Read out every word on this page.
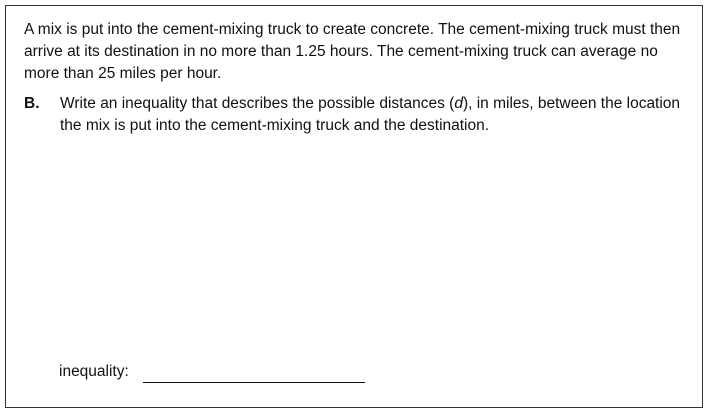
A mix is put into the cement-mixing truck to create concrete. The cement-mixing truck must then arrive at its destination in no more than 1.25 hours. The cement-mixing truck can average no more than 25 miles per hour.

B. Write an inequality that describes the possible distances (d), in miles, between the location the mix is put into the cement-mixing truck and the destination.
inequality:
